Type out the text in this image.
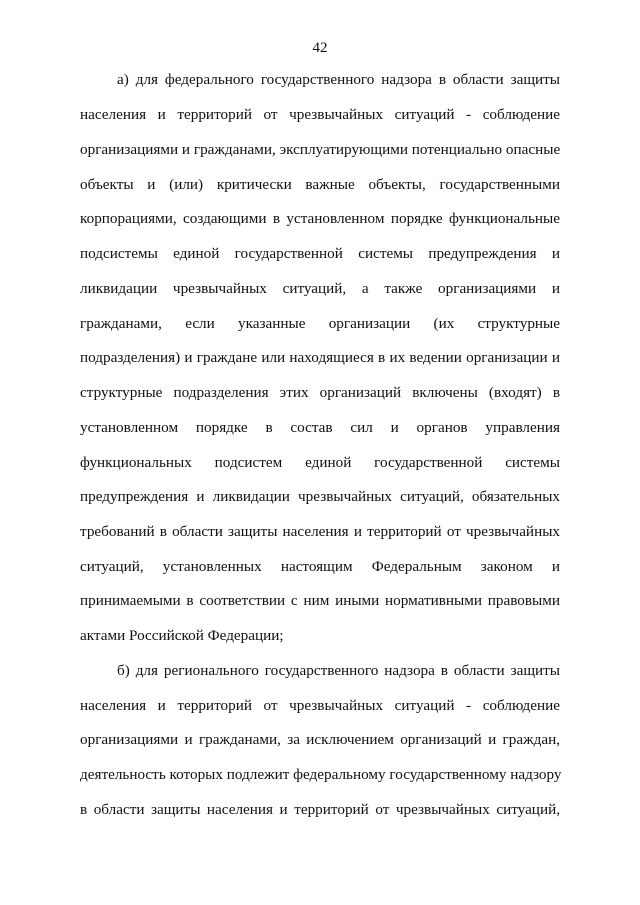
42
а) для федерального государственного надзора в области защиты
населения и территорий от чрезвычайных ситуаций - соблюдение
организациями и гражданами, эксплуатирующими потенциально опасные
объекты и (или) критически важные объекты, государственными
корпорациями, создающими в установленном порядке функциональные
подсистемы единой государственной системы предупреждения и
ликвидации чрезвычайных ситуаций, а также организациями и
гражданами, если указанные организации (их структурные
подразделения) и граждане или находящиеся в их ведении организации и
структурные подразделения этих организаций включены (входят) в
установленном порядке в состав сил и органов управления
функциональных подсистем единой государственной системы
предупреждения и ликвидации чрезвычайных ситуаций, обязательных
требований в области защиты населения и территорий от чрезвычайных
ситуаций, установленных настоящим Федеральным законом и
принимаемыми в соответствии с ним иными нормативными правовыми
актами Российской Федерации;
б) для регионального государственного надзора в области защиты
населения и территорий от чрезвычайных ситуаций - соблюдение
организациями и гражданами, за исключением организаций и граждан,
деятельность которых подлежит федеральному государственному надзору
в области защиты населения и территорий от чрезвычайных ситуаций,
